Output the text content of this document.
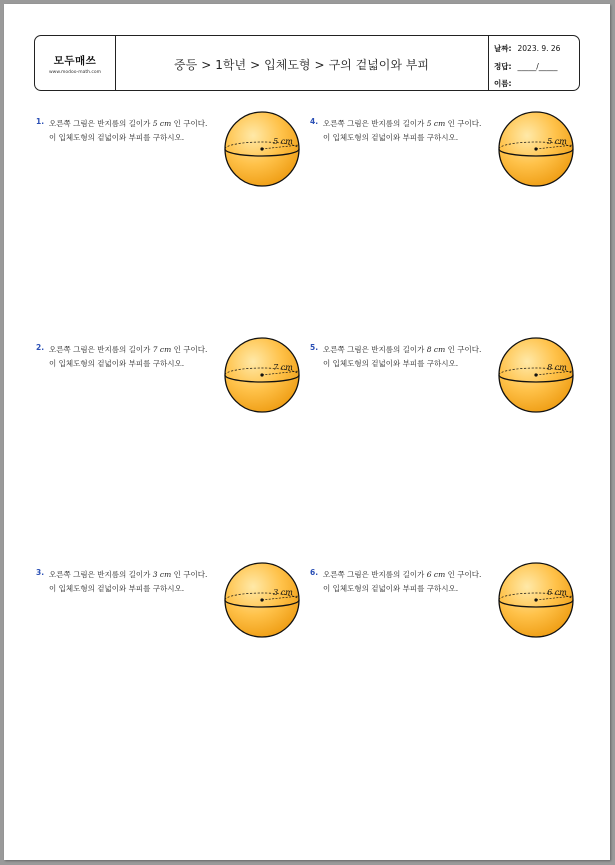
모두매쓰
www.modoo-math.com
중등 > 1학년 > 입체도형 > 구의 겉넓이와 부피
날짜: 2023. 9. 26
정답: _____/_____
이름:
1. 오른쪽 그림은 반지름의 길이가 5 cm 인 구이다. 이 입체도형의 겉넓이와 부피를 구하시오.	5 cm
2. 오른쪽 그림은 반지름의 길이가 7 cm 인 구이다. 이 입체도형의 겉넓이와 부피를 구하시오.	7 cm
3. 오른쪽 그림은 반지름의 길이가 3 cm 인 구이다. 이 입체도형의 겉넓이와 부피를 구하시오.	3 cm
4. 오른쪽 그림은 반지름의 길이가 5 cm 인 구이다. 이 입체도형의 겉넓이와 부피를 구하시오.	5 cm
5. 오른쪽 그림은 반지름의 길이가 8 cm 인 구이다. 이 입체도형의 겉넓이와 부피를 구하시오.	8 cm
6. 오른쪽 그림은 반지름의 길이가 6 cm 인 구이다. 이 입체도형의 겉넓이와 부피를 구하시오.	6 cm
